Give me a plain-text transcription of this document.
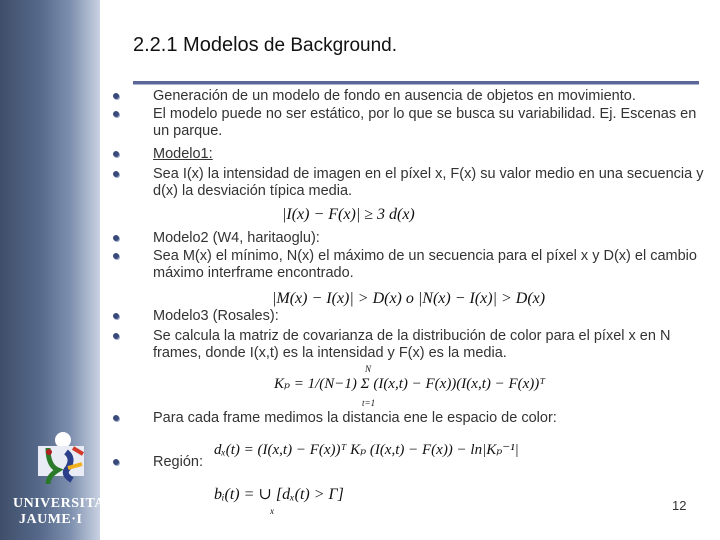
UNIVERSITAT
JAUME·I
2.2.1 Modelos de Background.
Generación de un modelo de fondo en ausencia de objetos en movimiento.
El modelo puede no ser estático, por lo que se busca su variabilidad. Ej. Escenas en un parque.
Modelo1:
Sea I(x) la intensidad de imagen en el píxel x, F(x) su valor medio en una secuencia y d(x) la desviación típica media.
Modelo2 (W4, haritaoglu):
Sea M(x) el mínimo, N(x) el máximo de un secuencia para el píxel x y D(x) el cambio máximo interframe encontrado.
Modelo3 (Rosales):
Se calcula la matriz de covarianza de la distribución de color para el píxel x en N frames, donde I(x,t) es la intensidad y F(x) es la media.
Para cada frame medimos la distancia ene le espacio de color:
Región:
|I(x) − F(x)| ≥ 3 d(x)
|M(x) − I(x)| > D(x) o |N(x) − I(x)| > D(x)
N
Kₚ = 1/(N−1) Σ (I(x,t) − F(x))(I(x,t) − F(x))ᵀ
t=1
dₓ(t) = (I(x,t) − F(x))ᵀ Kₚ (I(x,t) − F(x)) − ln|Kₚ⁻¹|
bᵢ(t) = ∪ [dₓ(t) > Γ]
x	12
